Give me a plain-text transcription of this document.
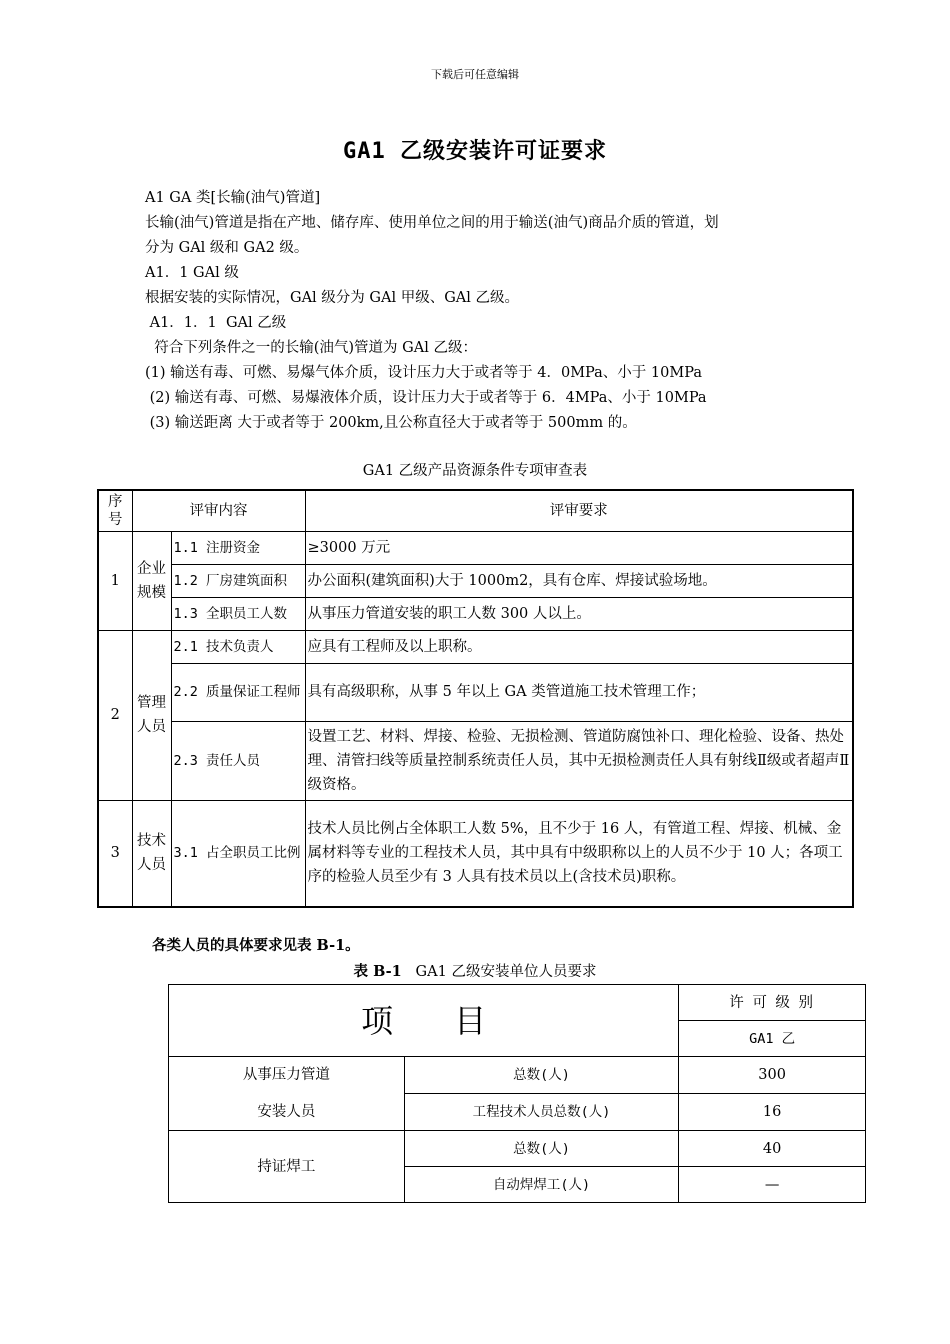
下载后可任意编辑
GA1 乙级安装许可证要求
A1 GA 类[长输(油气)管道]
长输(油气)管道是指在产地、储存库、使用单位之间的用于输送(油气)商品介质的管道，划
分为 GAl 级和 GA2 级。
A1．1 GAl 级
根据安装的实际情况，GAl 级分为 GAl 甲级、GAl 乙级。
A1．1．1  GAl 乙级
符合下列条件之一的长输(油气)管道为 GAl 乙级：
(1) 输送有毒、可燃、易爆气体介质，设计压力大于或者等于 4．0MPa、小于 10MPa
(2) 输送有毒、可燃、易爆液体介质，设计压力大于或者等于 6．4MPa、小于 10MPa
(3) 输送距离 大于或者等于 200km,且公称直径大于或者等于 500mm 的。
GA1 乙级产品资源条件专项审查表
序号	评审内容		评审要求
1	企业规模	1.1 注册资金	≥3000 万元
		1.2 厂房建筑面积	办公面积(建筑面积)大于 1000m2，具有仓库、焊接试验场地。
		1.3 全职员工人数	从事压力管道安装的职工人数 300 人以上。
2	管理人员	2.1 技术负责人	应具有工程师及以上职称。
		2.2 质量保证工程师	具有高级职称，从事 5 年以上 GA 类管道施工技术管理工作；
		2.3 责任人员	设置工艺、材料、焊接、检验、无损检测、管道防腐蚀补口、理化检验、设备、热处理、清管扫线等质量控制系统责任人员，其中无损检测责任人具有射线Ⅱ级或者超声Ⅱ级资格。
3	技术人员	3.1 占全职员工比例	技术人员比例占全体职工人数 5%，且不少于 16 人，有管道工程、焊接、机械、金属材料等专业的工程技术人员，其中具有中级职称以上的人员不少于 10 人；各项工序的检验人员至少有 3 人具有技术员以上(含技术员)职称。
各类人员的具体要求见表 B-1。
表 B-1   GA1 乙级安装单位人员要求
项      目		许 可 级 别
		GA1 乙
从事压力管道	总数(人)	300
安装人员	工程技术人员总数(人)	16
持证焊工	总数(人)	40
	自动焊焊工(人)	—
